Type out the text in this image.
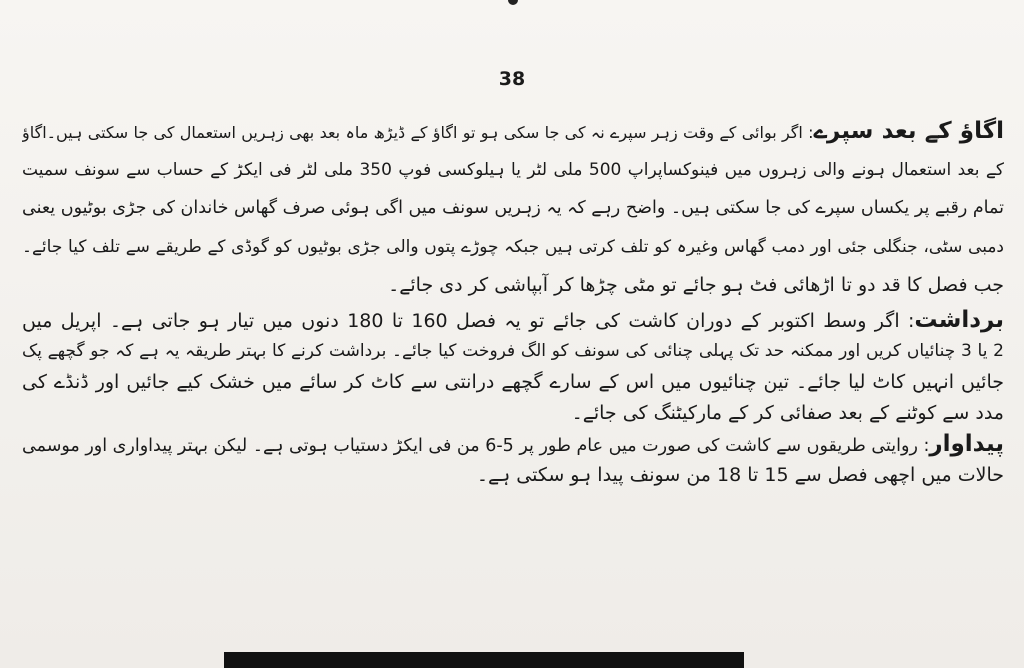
38
اگاؤ کے بعد سپرے: اگر بوائی کے وقت زہر سپرے نہ کی جا سکی ہو تو اگاؤ کے ڈیڑھ ماہ بعد بھی زہریں استعمال کی جا سکتی ہیں۔اگاؤ
کے بعد استعمال ہونے والی زہروں میں فینوکساپراپ 500 ملی لٹر یا ہیلوکسی فوپ 350 ملی لٹر فی ایکڑ کے حساب سے سونف سمیت
تمام رقبے پر یکساں سپرے کی جا سکتی ہیں۔ واضح رہے کہ یہ زہریں سونف میں اگی ہوئی صرف گھاس خاندان کی جڑی بوٹیوں یعنی
دمبی سٹی، جنگلی جئی اور دمب گھاس وغیرہ کو تلف کرتی ہیں جبکہ چوڑے پتوں والی جڑی بوٹیوں کو گوڈی کے طریقے سے تلف کیا جائے۔
جب فصل کا قد دو تا اڑھائی فٹ ہو جائے تو مٹی چڑھا کر آبپاشی کر دی جائے۔
برداشت: اگر وسط اکتوبر کے دوران کاشت کی جائے تو یہ فصل 160 تا 180 دنوں میں تیار ہو جاتی ہے۔ اپریل میں
2 یا 3 چنائیاں کریں اور ممکنہ حد تک پہلی چنائی کی سونف کو الگ فروخت کیا جائے۔ برداشت کرنے کا بہتر طریقہ یہ ہے کہ جو گچھے پک
جائیں انہیں کاٹ لیا جائے۔ تین چنائیوں میں اس کے سارے گچھے درانتی سے کاٹ کر سائے میں خشک کیے جائیں اور ڈنڈے کی
مدد سے کوٹنے کے بعد صفائی کر کے مارکیٹنگ کی جائے۔
پیداوار: روایتی طریقوں سے کاشت کی صورت میں عام طور پر 5-6 من فی ایکڑ دستیاب ہوتی ہے۔ لیکن بہتر پیداواری اور موسمی
حالات میں اچھی فصل سے 15 تا 18 من سونف پیدا ہو سکتی ہے۔
